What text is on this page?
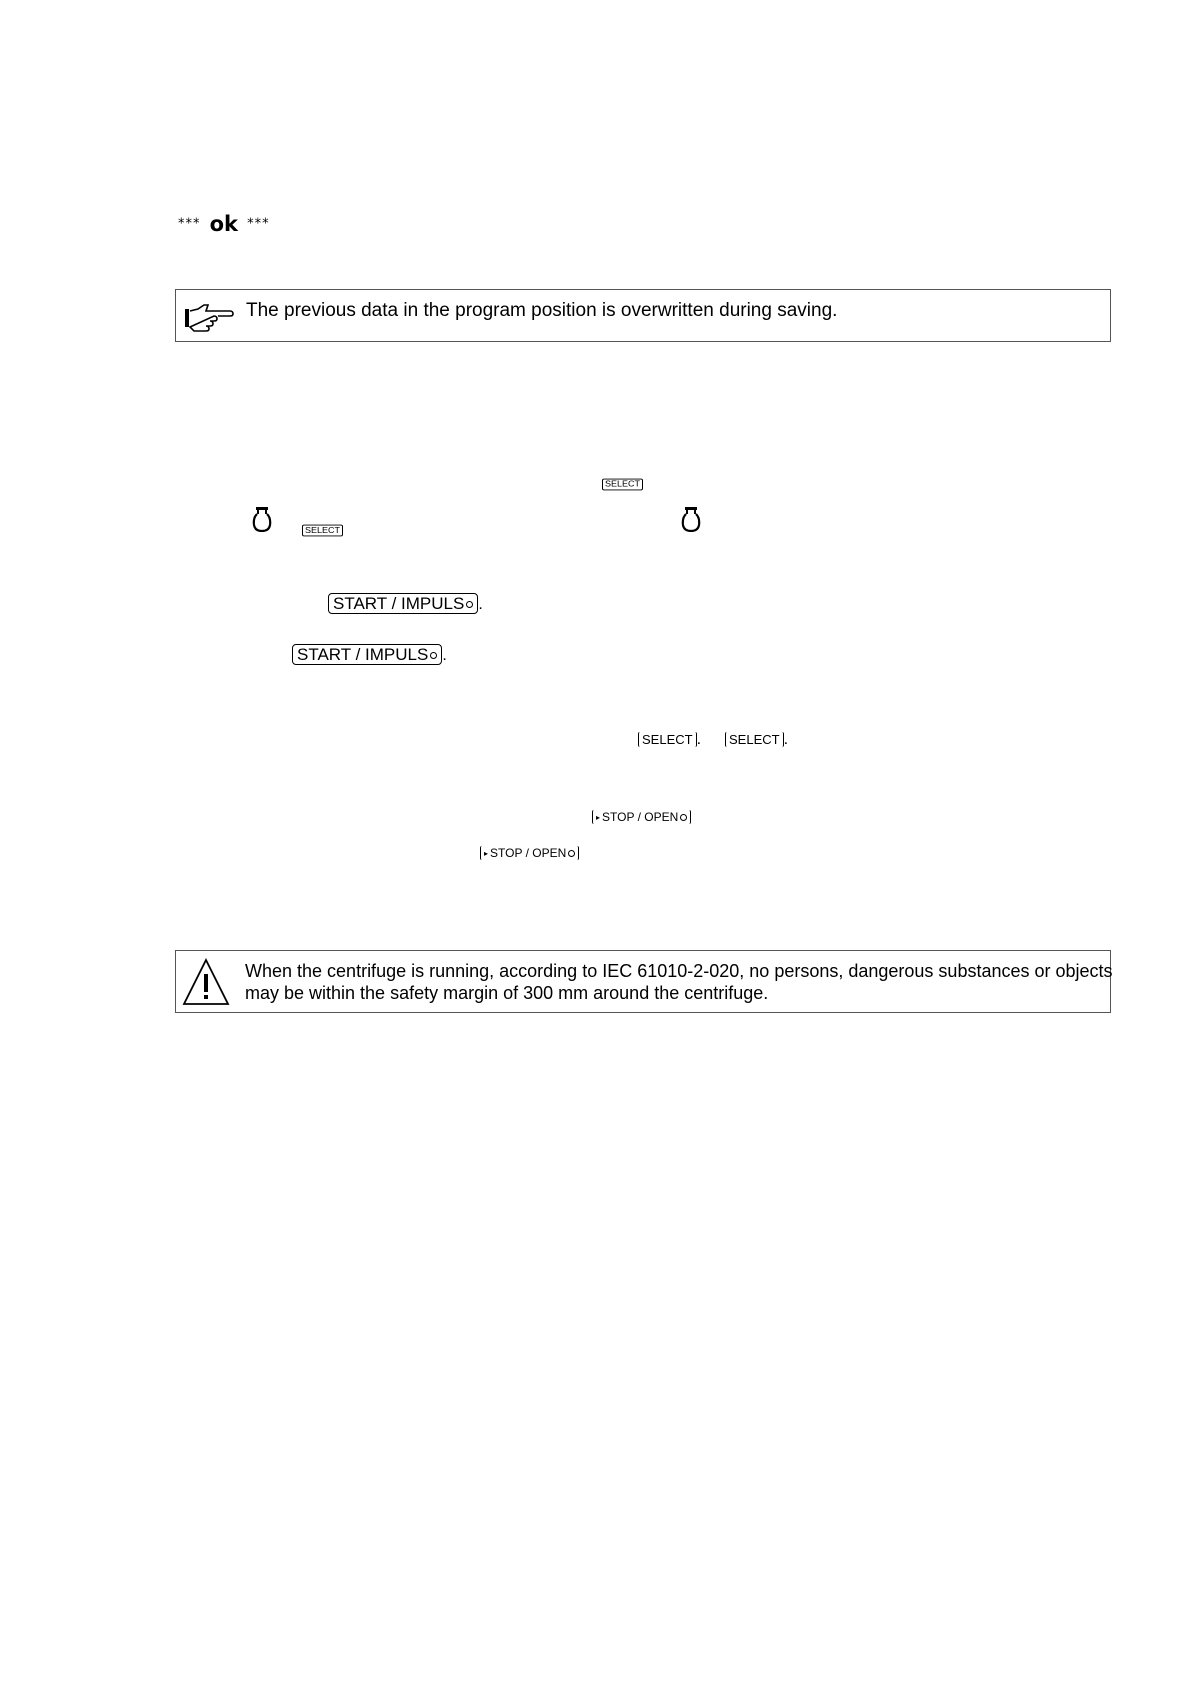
*** ok ***
The previous data in the program position is overwritten during saving.
SELECT
SELECT
START / IMPULS .
START / IMPULS .
SELECT .	SELECT .
▸ STOP / OPEN
▸ STOP / OPEN
When the centrifuge is running, according to IEC 61010-2-020, no persons, dangerous substances or objects
may be within the safety margin of 300 mm around the centrifuge.
